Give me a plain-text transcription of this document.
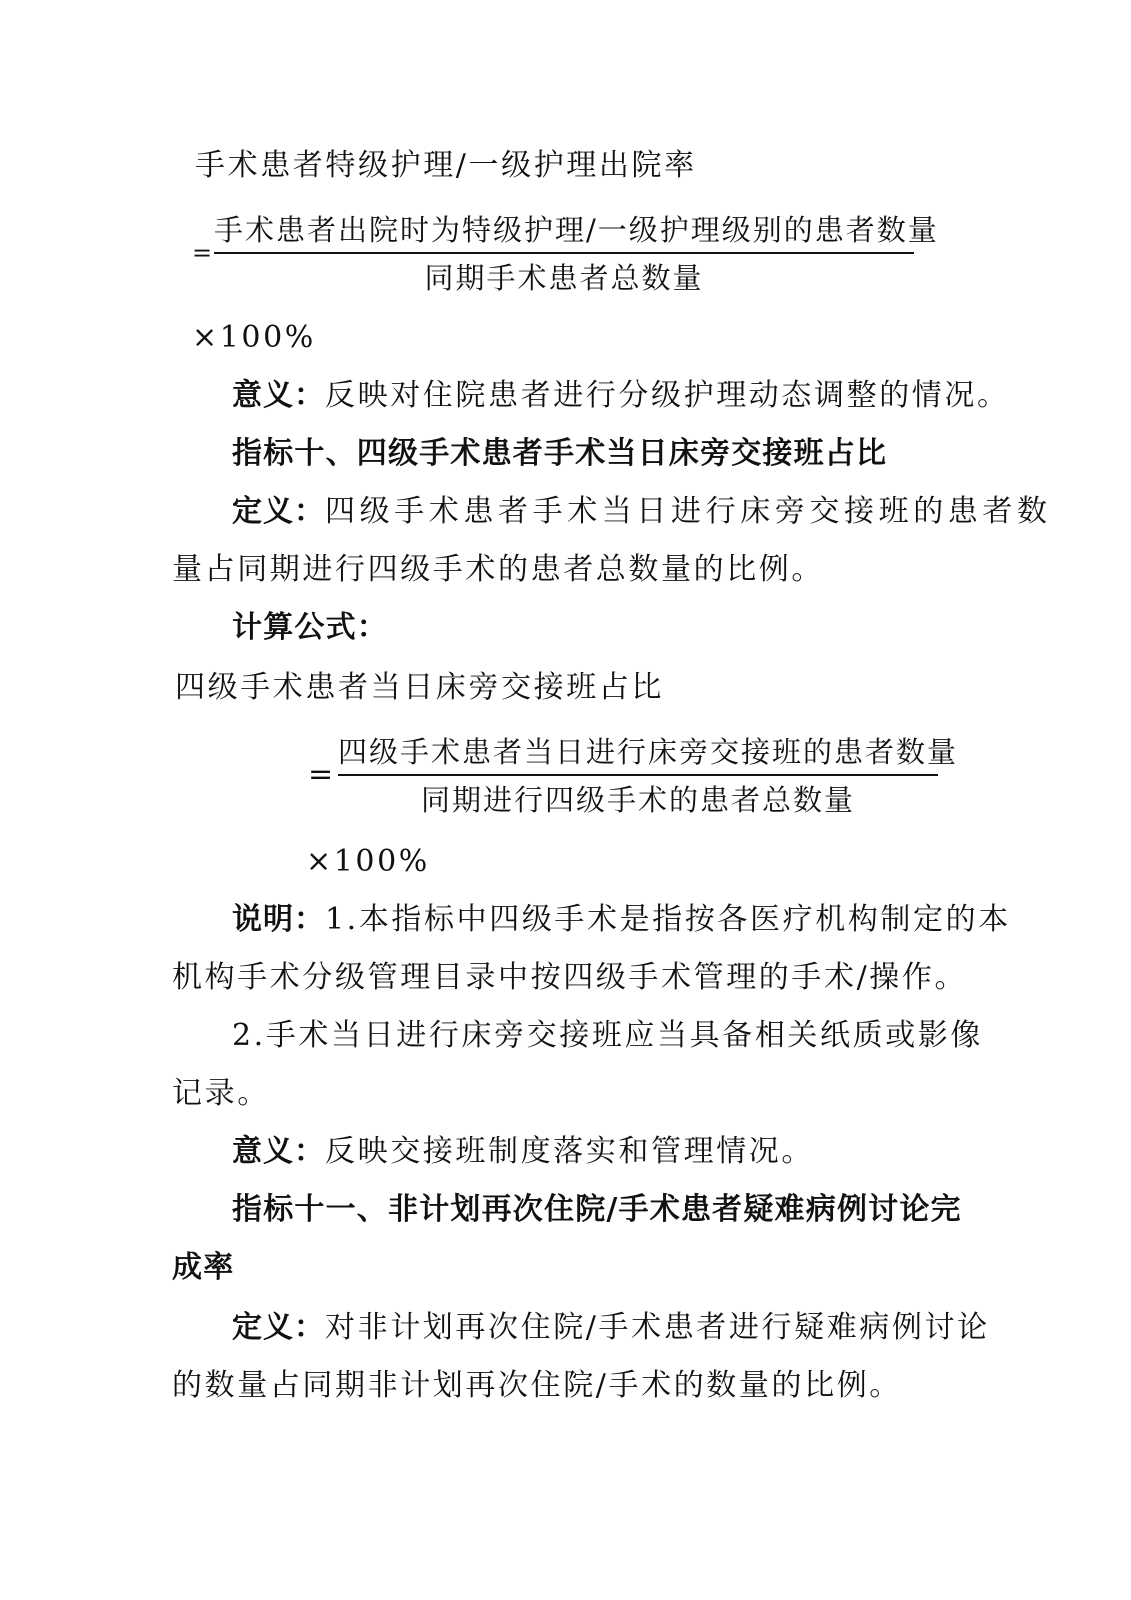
手术患者特级护理/一级护理出院率

=
手术患者出院时为特级护理/一级护理级别的患者数量
同期手术患者总数量

×100%

意义：反映对住院患者进行分级护理动态调整的情况。

指标十、四级手术患者手术当日床旁交接班占比

定义：四级手术患者手术当日进行床旁交接班的患者数

量占同期进行四级手术的患者总数量的比例。

计算公式：

四级手术患者当日床旁交接班占比

=
四级手术患者当日进行床旁交接班的患者数量
同期进行四级手术的患者总数量

×100%

说明：1.本指标中四级手术是指按各医疗机构制定的本

机构手术分级管理目录中按四级手术管理的手术/操作。

2.手术当日进行床旁交接班应当具备相关纸质或影像

记录。

意义：反映交接班制度落实和管理情况。

指标十一、非计划再次住院/手术患者疑难病例讨论完

成率

定义：对非计划再次住院/手术患者进行疑难病例讨论

的数量占同期非计划再次住院/手术的数量的比例。
